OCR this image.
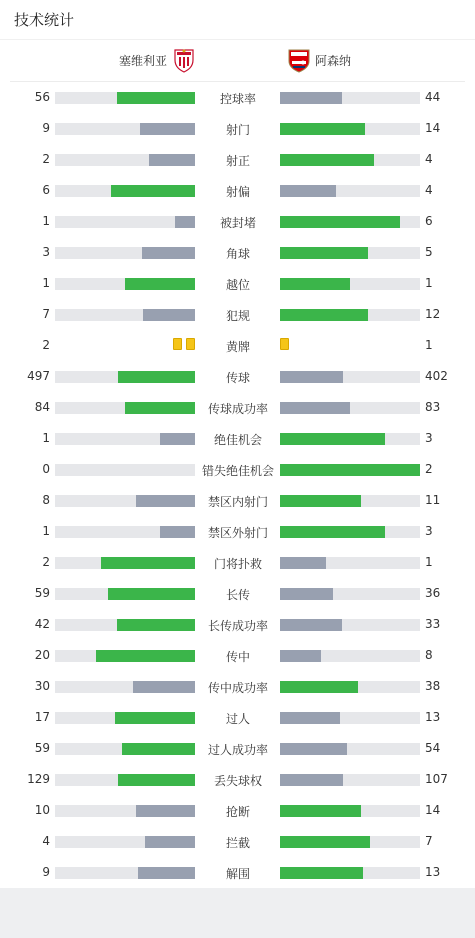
技术统计
塞维利亚	阿森纳
56	控球率	44
9	射门	14
2	射正	4
6	射偏	4
1	被封堵	6
3	角球	5
1	越位	1
7	犯规	12
2	黄牌	1
497	传球	402
84	传球成功率	83
1	绝佳机会	3
0	错失绝佳机会	2
8	禁区内射门	11
1	禁区外射门	3
2	门将扑救	1
59	长传	36
42	长传成功率	33
20	传中	8
30	传中成功率	38
17	过人	13
59	过人成功率	54
129	丢失球权	107
10	抢断	14
4	拦截	7
9	解围	13
